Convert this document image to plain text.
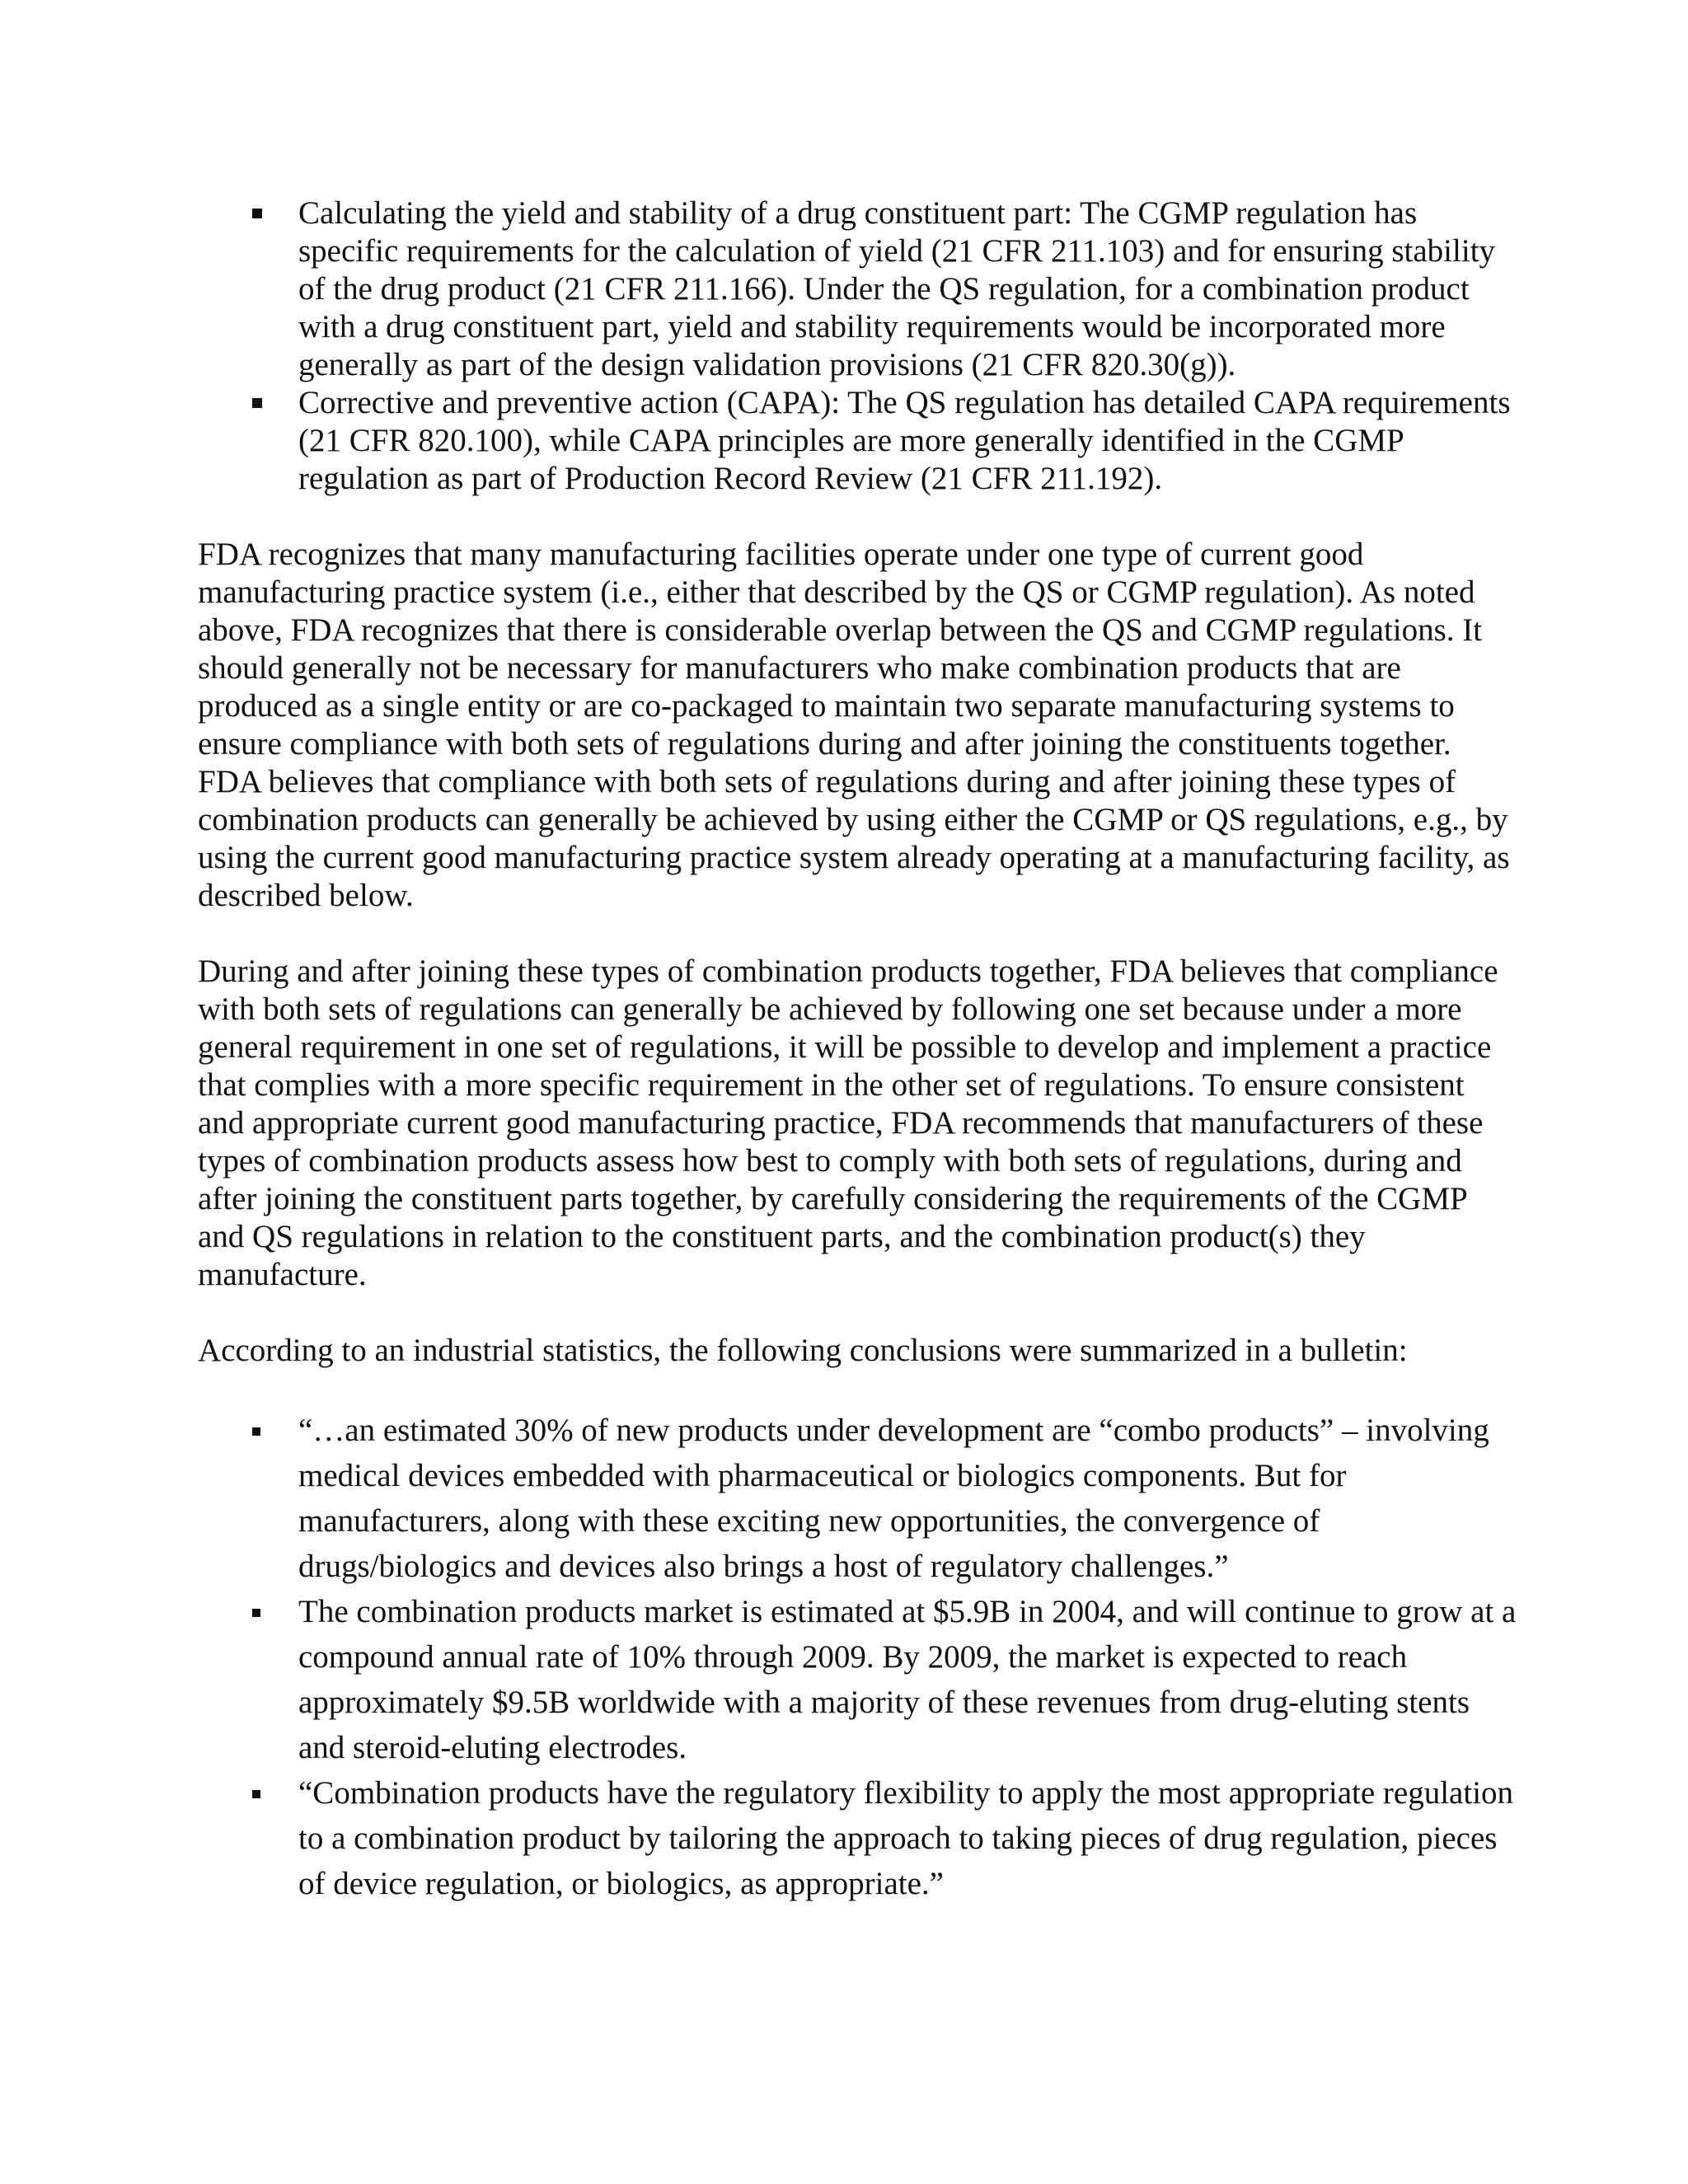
Calculating the yield and stability of a drug constituent part: The CGMP regulation has specific requirements for the calculation of yield (21 CFR 211.103) and for ensuring stability of the drug product (21 CFR 211.166). Under the QS regulation, for a combination product with a drug constituent part, yield and stability requirements would be incorporated more generally as part of the design validation provisions (21 CFR 820.30(g)).
Corrective and preventive action (CAPA): The QS regulation has detailed CAPA requirements (21 CFR 820.100), while CAPA principles are more generally identified in the CGMP regulation as part of Production Record Review (21 CFR 211.192).

FDA recognizes that many manufacturing facilities operate under one type of current good manufacturing practice system (i.e., either that described by the QS or CGMP regulation). As noted above, FDA recognizes that there is considerable overlap between the QS and CGMP regulations. It should generally not be necessary for manufacturers who make combination products that are produced as a single entity or are co-packaged to maintain two separate manufacturing systems to ensure compliance with both sets of regulations during and after joining the constituents together. FDA believes that compliance with both sets of regulations during and after joining these types of combination products can generally be achieved by using either the CGMP or QS regulations, e.g., by using the current good manufacturing practice system already operating at a manufacturing facility, as described below.

During and after joining these types of combination products together, FDA believes that compliance with both sets of regulations can generally be achieved by following one set because under a more general requirement in one set of regulations, it will be possible to develop and implement a practice that complies with a more specific requirement in the other set of regulations. To ensure consistent and appropriate current good manufacturing practice, FDA recommends that manufacturers of these types of combination products assess how best to comply with both sets of regulations, during and after joining the constituent parts together, by carefully considering the requirements of the CGMP and QS regulations in relation to the constituent parts, and the combination product(s) they manufacture.

According to an industrial statistics, the following conclusions were summarized in a bulletin:

“…an estimated 30% of new products under development are “combo products” – involving medical devices embedded with pharmaceutical or biologics components. But for manufacturers, along with these exciting new opportunities, the convergence of drugs/biologics and devices also brings a host of regulatory challenges.”
The combination products market is estimated at $5.9B in 2004, and will continue to grow at a compound annual rate of 10% through 2009. By 2009, the market is expected to reach approximately $9.5B worldwide with a majority of these revenues from drug-eluting stents and steroid-eluting electrodes.
“Combination products have the regulatory flexibility to apply the most appropriate regulation to a combination product by tailoring the approach to taking pieces of drug regulation, pieces of device regulation, or biologics, as appropriate.”
